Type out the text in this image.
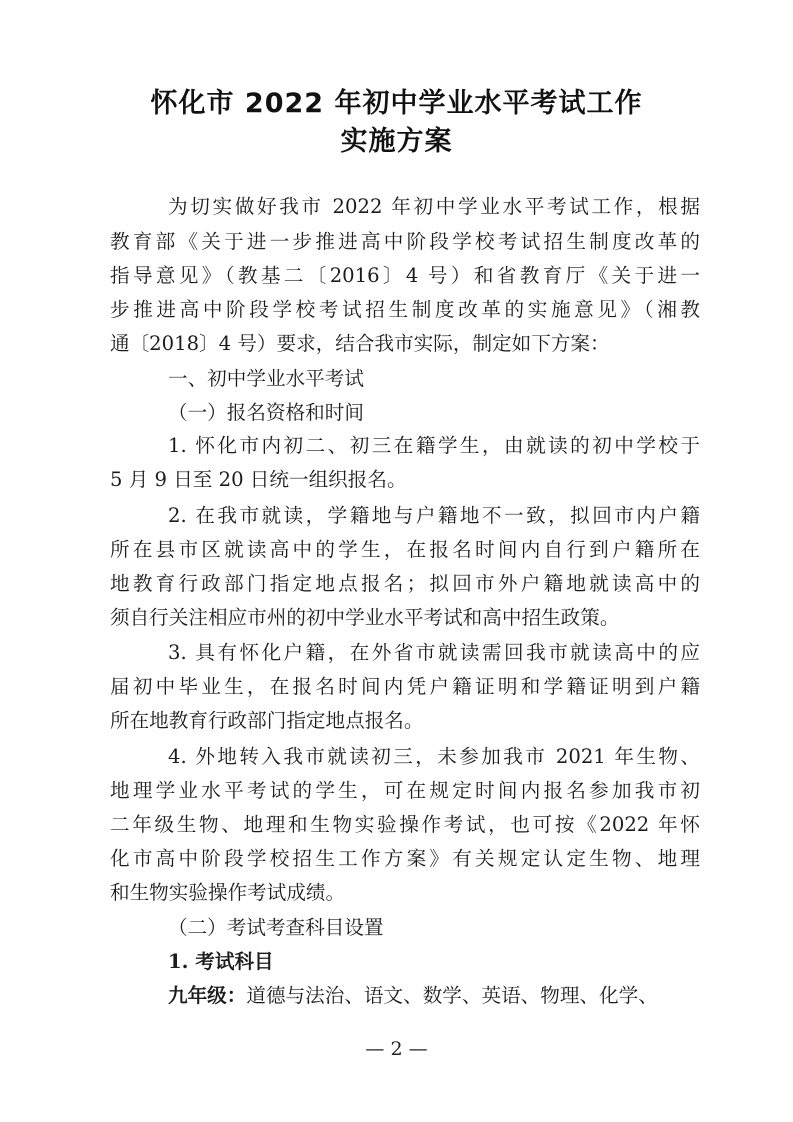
怀化市 2022 年初中学业水平考试工作
实施方案
为切实做好我市 2022 年初中学业水平考试工作，根据
教育部《关于进一步推进高中阶段学校考试招生制度改革的
指导意见》（教基二〔2016〕4 号）和省教育厅《关于进一
步推进高中阶段学校考试招生制度改革的实施意见》（湘教
通〔2018〕4 号）要求，结合我市实际，制定如下方案：
一、初中学业水平考试
（一）报名资格和时间
1. 怀化市内初二、初三在籍学生，由就读的初中学校于
5 月 9 日至 20 日统一组织报名。
2. 在我市就读，学籍地与户籍地不一致，拟回市内户籍
所在县市区就读高中的学生，在报名时间内自行到户籍所在
地教育行政部门指定地点报名；拟回市外户籍地就读高中的
须自行关注相应市州的初中学业水平考试和高中招生政策。
3. 具有怀化户籍，在外省市就读需回我市就读高中的应
届初中毕业生，在报名时间内凭户籍证明和学籍证明到户籍
所在地教育行政部门指定地点报名。
4. 外地转入我市就读初三，未参加我市 2021 年生物、
地理学业水平考试的学生，可在规定时间内报名参加我市初
二年级生物、地理和生物实验操作考试，也可按《2022 年怀
化市高中阶段学校招生工作方案》有关规定认定生物、地理
和生物实验操作考试成绩。
（二）考试考查科目设置
— 2 —
1. 考试科目
九年级：道德与法治、语文、数学、英语、物理、化学、
